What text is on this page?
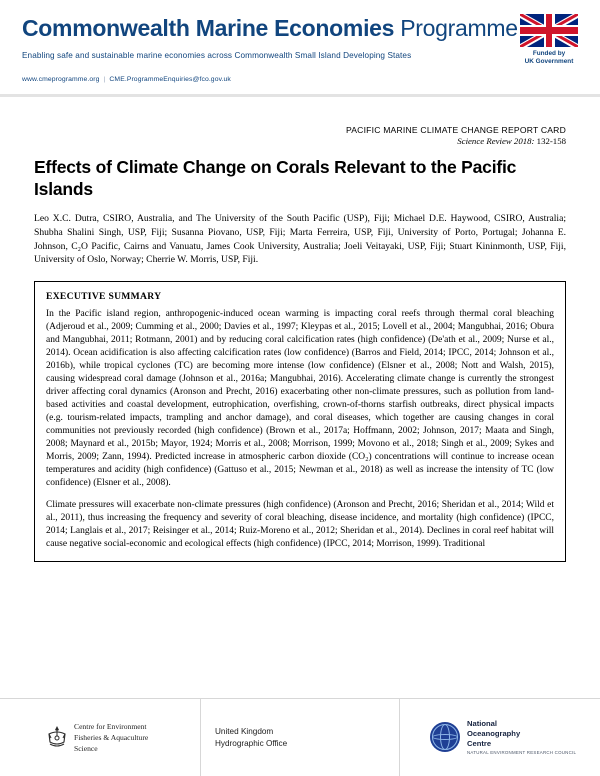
Commonwealth Marine Economies Programme
Enabling safe and sustainable marine economies across Commonwealth Small Island Developing States
www.cmeprogramme.org | CME.ProgrammeEnquiries@fco.gov.uk
Funded by
UK Government
PACIFIC MARINE CLIMATE CHANGE REPORT CARD
Science Review 2018: 132-158
Effects of Climate Change on Corals Relevant to the Pacific Islands
Leo X.C. Dutra, CSIRO, Australia, and The University of the South Pacific (USP), Fiji; Michael D.E. Haywood, CSIRO, Australia; Shubha Shalini Singh, USP, Fiji; Susanna Piovano, USP, Fiji; Marta Ferreira, USP, Fiji, University of Porto, Portugal; Johanna E. Johnson, C₂O Pacific, Cairns and Vanuatu, James Cook University, Australia; Joeli Veitayaki, USP, Fiji; Stuart Kininmonth, USP, Fiji, University of Oslo, Norway; Cherrie W. Morris, USP, Fiji.
EXECUTIVE SUMMARY

In the Pacific island region, anthropogenic-induced ocean warming is impacting coral reefs through thermal coral bleaching (Adjeroud et al., 2009; Cumming et al., 2000; Davies et al., 1997; Kleypas et al., 2015; Lovell et al., 2004; Mangubhai, 2016; Obura and Mangubhai, 2011; Rotmann, 2001) and by reducing coral calcification rates (high confidence) (De'ath et al., 2009; Nurse et al., 2014). Ocean acidification is also affecting calcification rates (low confidence) (Barros and Field, 2014; IPCC, 2014; Johnson et al., 2016b), while tropical cyclones (TC) are becoming more intense (low confidence) (Elsner et al., 2008; Nott and Walsh, 2015), causing widespread coral damage (Johnson et al., 2016a; Mangubhai, 2016). Accelerating climate change is currently the strongest driver affecting coral dynamics (Aronson and Precht, 2016) exacerbating other non-climate pressures, such as pollution from land-based activities and coastal development, eutrophication, overfishing, crown-of-thorns starfish outbreaks, direct physical impacts (e.g. tourism-related impacts, trampling and anchor damage), and coral diseases, which together are causing changes in coral communities not previously recorded (high confidence) (Brown et al., 2017a; Hoffmann, 2002; Johnson, 2017; Maata and Singh, 2008; Maynard et al., 2015b; Mayor, 1924; Morris et al., 2008; Morrison, 1999; Movono et al., 2018; Singh et al., 2009; Sykes and Morris, 2009; Zann, 1994). Predicted increase in atmospheric carbon dioxide (CO₂) concentrations will continue to increase ocean temperatures and acidity (high confidence) (Gattuso et al., 2015; Newman et al., 2018) as well as increase the intensity of TC (low confidence) (Elsner et al., 2008).

Climate pressures will exacerbate non-climate pressures (high confidence) (Aronson and Precht, 2016; Sheridan et al., 2014; Wild et al., 2011), thus increasing the frequency and severity of coral bleaching, disease incidence, and mortality (high confidence) (IPCC, 2014; Langlais et al., 2017; Reisinger et al., 2014; Ruiz-Moreno et al., 2012; Sheridan et al., 2014). Declines in coral reef habitat will cause negative social-economic and ecological effects (high confidence) (IPCC, 2014; Morrison, 1999). Traditional

Centre for Environment
Fisheries & Aquaculture
Science
United Kingdom
Hydrographic Office
National
Oceanography
Centre
NATURAL ENVIRONMENT RESEARCH COUNCIL
